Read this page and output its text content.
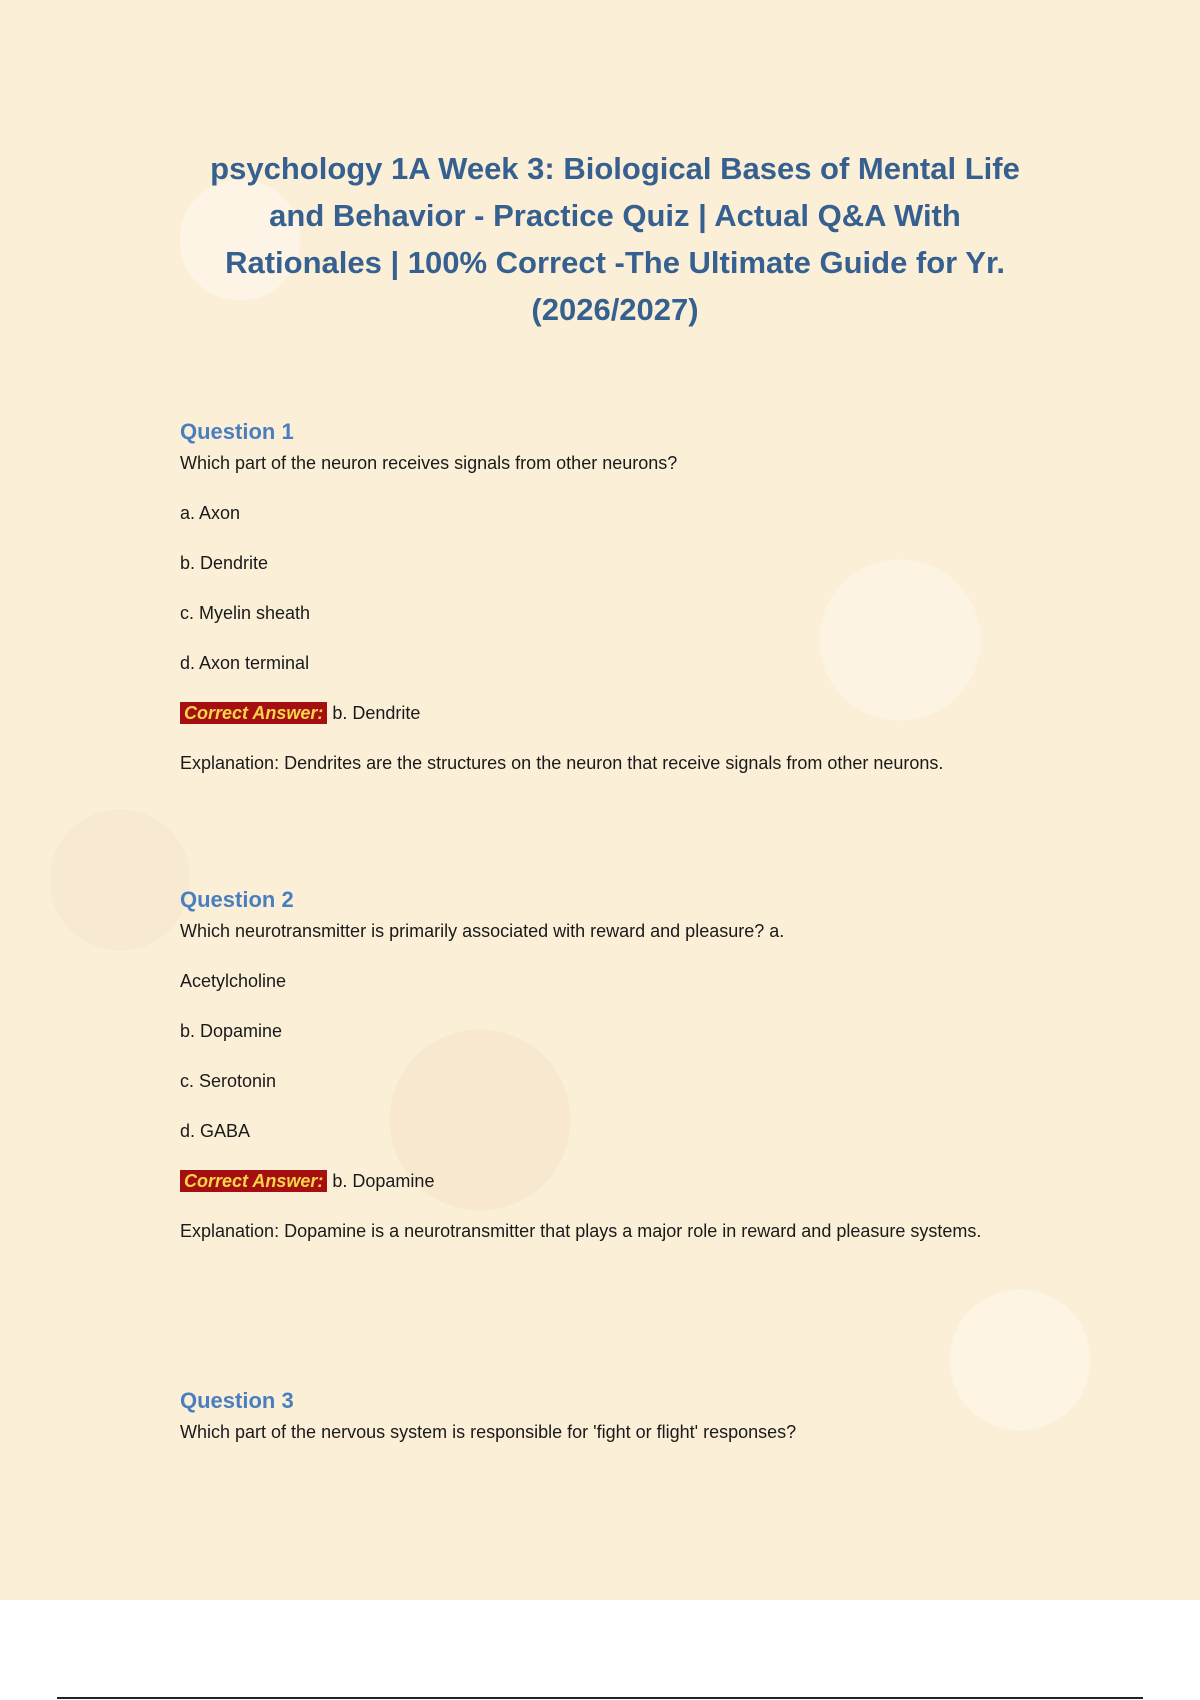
psychology 1A Week 3: Biological Bases of Mental Life and Behavior - Practice Quiz | Actual Q&A With Rationales | 100% Correct -The Ultimate Guide for Yr. (2026/2027)

Question 1

Which part of the neuron receives signals from other neurons?

a. Axon

b. Dendrite

c. Myelin sheath

d. Axon terminal

Correct Answer: b. Dendrite

Explanation: Dendrites are the structures on the neuron that receive signals from other neurons.

Question 2

Which neurotransmitter is primarily associated with reward and pleasure? a.

Acetylcholine

b. Dopamine

c. Serotonin

d. GABA

Correct Answer: b. Dopamine

Explanation: Dopamine is a neurotransmitter that plays a major role in reward and pleasure systems.

Question 3

Which part of the nervous system is responsible for 'fight or flight' responses?
